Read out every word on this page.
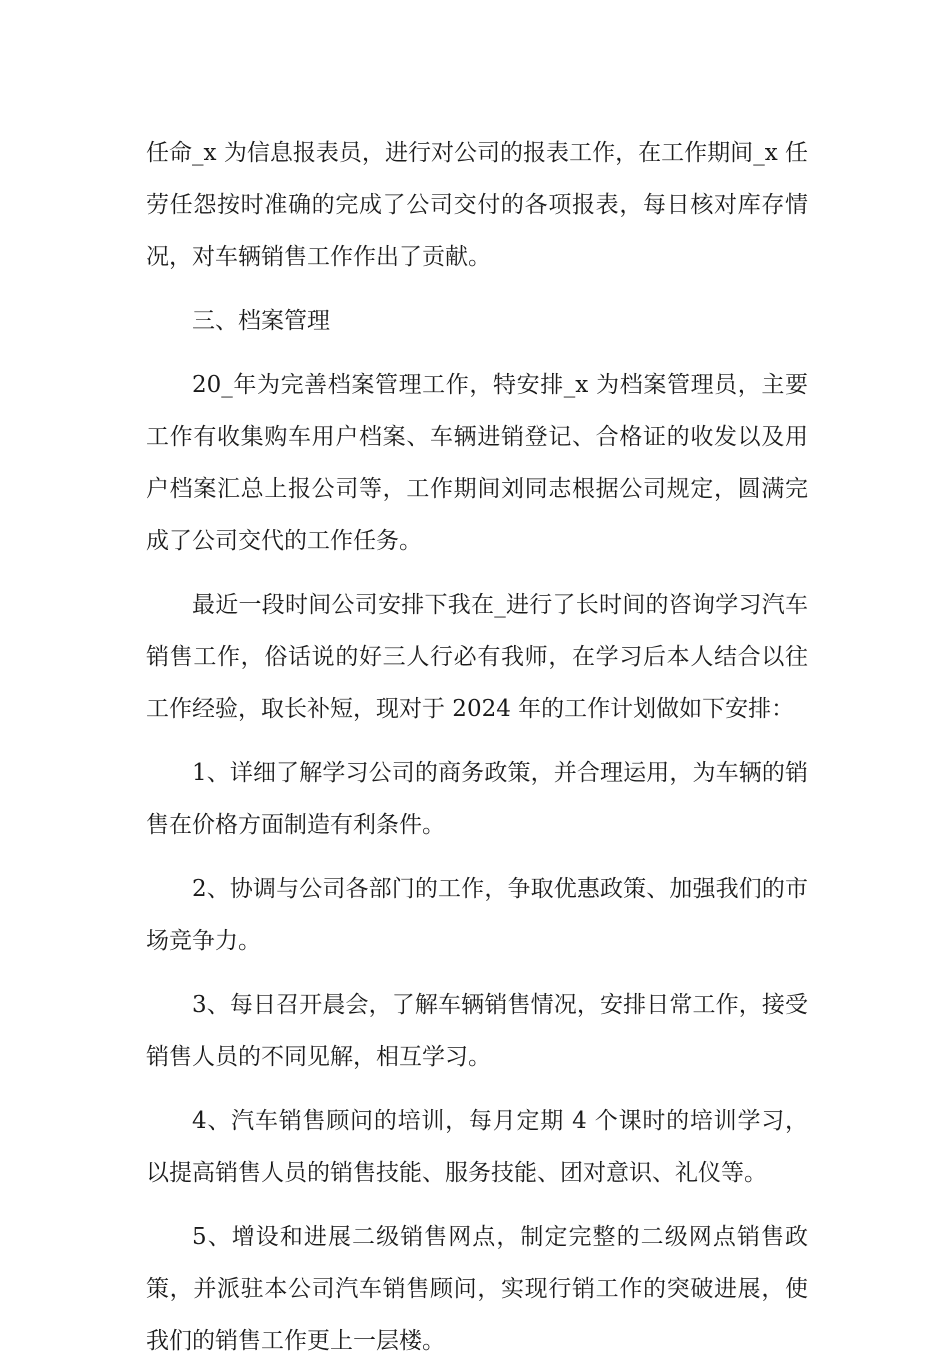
任命_x 为信息报表员，进行对公司的报表工作，在工作期间_x 任劳任怨按时准确的完成了公司交付的各项报表，每日核对库存情况，对车辆销售工作作出了贡献。

三、档案管理

20_年为完善档案管理工作，特安排_x 为档案管理员，主要工作有收集购车用户档案、车辆进销登记、合格证的收发以及用户档案汇总上报公司等，工作期间刘同志根据公司规定，圆满完成了公司交代的工作任务。

最近一段时间公司安排下我在_进行了长时间的咨询学习汽车销售工作，俗话说的好三人行必有我师，在学习后本人结合以往工作经验，取长补短，现对于 2024 年的工作计划做如下安排：

1、详细了解学习公司的商务政策，并合理运用，为车辆的销售在价格方面制造有利条件。

2、协调与公司各部门的工作，争取优惠政策、加强我们的市场竞争力。

3、每日召开晨会，了解车辆销售情况，安排日常工作，接受销售人员的不同见解，相互学习。

4、汽车销售顾问的培训，每月定期 4 个课时的培训学习，以提高销售人员的销售技能、服务技能、团对意识、礼仪等。

5、增设和进展二级销售网点，制定完整的二级网点销售政策，并派驻本公司汽车销售顾问，实现行销工作的突破进展，使我们的销售工作更上一层楼。
